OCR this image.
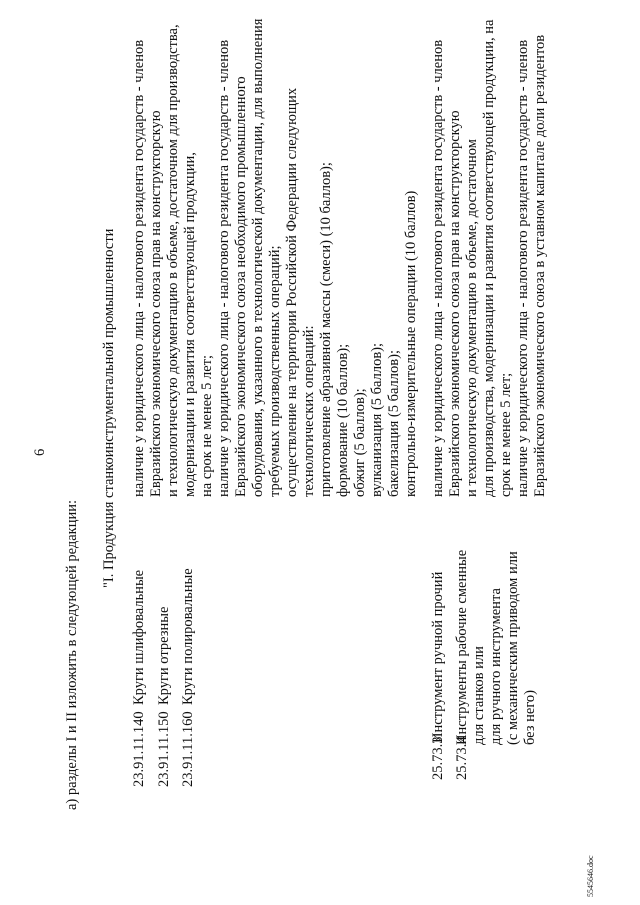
6
а) разделы I и II изложить в следующей редакции:
"I. Продукция станкоинструментальной промышленности
23.91.11.140 23.91.11.150 23.91.11.160	25.73.3 25.73.4
Круги шлифовальные Круги отрезные Круги полировальные	Инструмент ручной прочий Инструменты рабочие сменные для станков или для ручного инструмента (с механическим приводом или без него)
наличие у юридического лица - налогового резидента государств - членов Евразийского экономического союза прав на конструкторскую и технологическую документацию в объеме, достаточном для производства, модернизации и развития соответствующей продукции, на срок не менее 5 лет; наличие у юридического лица - налогового резидента государств - членов Евразийского экономического союза необходимого промышленного оборудования, указанного в технологической документации, для выполнения требуемых производственных операций; осуществление на территории Российской Федерации следующих технологических операций: приготовление абразивной массы (смеси) (10 баллов); формование (10 баллов); обжиг (5 баллов); вулканизация (5 баллов); бакелизация (5 баллов); контрольно-измерительные операции (10 баллов) наличие у юридического лица - налогового резидента государств - членов Евразийского экономического союза прав на конструкторскую и технологическую документацию в объеме, достаточном для производства, модернизации и развития соответствующей продукции, на срок не менее 5 лет; наличие у юридического лица - налогового резидента государств - членов Евразийского экономического союза в уставном капитале доли резидентов
5545646.doc
